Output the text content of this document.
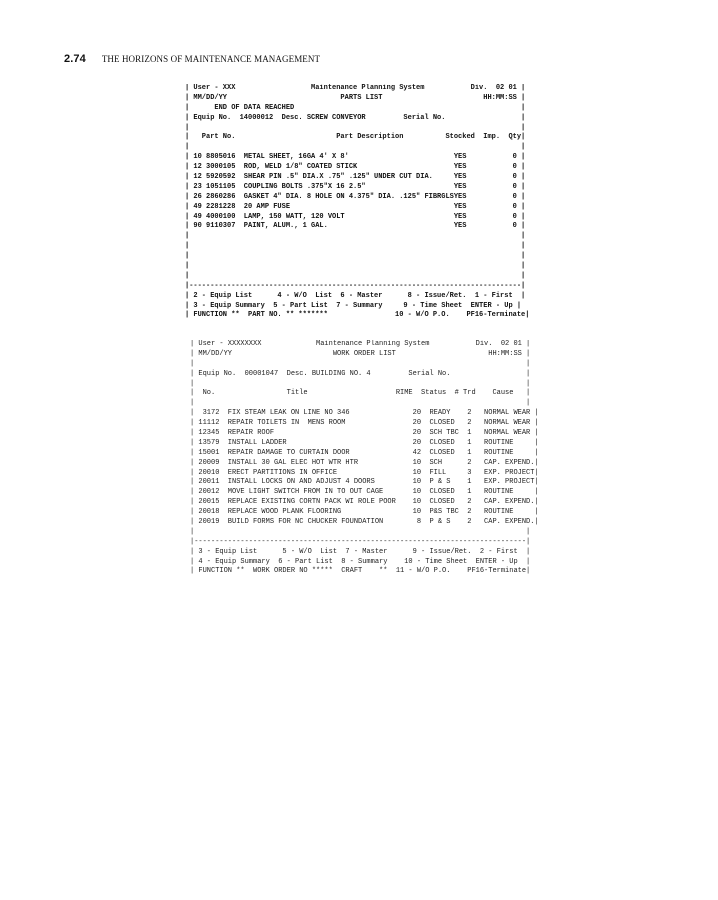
2.74 THE HORIZONS OF MAINTENANCE MANAGEMENT
| User - XXX                  Maintenance Planning System           Div.  02 01 |
| MM/DD/YY                           PARTS LIST                        HH:MM:SS |
|      END OF DATA REACHED                                                      |
| Equip No.  14000012  Desc. SCREW CONVEYOR         Serial No.                  |
|                                                                               |
|   Part No.                        Part Description          Stocked  Imp.  Qty|
|                                                                               |
| 10 8805016  METAL SHEET, 16GA 4' X 8'                         YES           0 |
| 12 3000105  ROD, WELD 1/8" COATED STICK                       YES           0 |
| 12 5920592  SHEAR PIN .5" DIA.X .75" .125" UNDER CUT DIA.     YES           0 |
| 23 1051105  COUPLING BOLTS .375"X 16 2.5"                     YES           0 |
| 26 2860286  GASKET 4" DIA. 8 HOLE ON 4.375" DIA. .125" FIBRGLSYES           0 |
| 49 2281228  20 AMP FUSE                                       YES           0 |
| 49 4000100  LAMP, 150 WATT, 120 VOLT                          YES           0 |
| 90 9110307  PAINT, ALUM., 1 GAL.                              YES           0 |
|                                                                               |
|                                                                               |
|                                                                               |
|                                                                               |
|                                                                               |
|-------------------------------------------------------------------------------|
| 2 - Equip List      4 - W/O  List  6 - Master      8 - Issue/Ret.  1 - First  |
| 3 - Equip Summary  5 - Part List  7 - Summary     9 - Time Sheet  ENTER - Up |
| FUNCTION **  PART NO. ** *******                10 - W/O P.O.    PF16-Terminate|
| User - XXXXXXXX             Maintenance Planning System           Div.  02 01 |
| MM/DD/YY                        WORK ORDER LIST                      HH:MM:SS |
|                                                                               |
| Equip No.  00001047  Desc. BUILDING NO. 4         Serial No.                  |
|                                                                               |
|  No.                 Title                     RIME  Status  # Trd    Cause   |
|                                                                               |
|  3172  FIX STEAM LEAK ON LINE NO 346               20  READY    2   NORMAL WEAR |
| 11112  REPAIR TOILETS IN  MENS ROOM                20  CLOSED   2   NORMAL WEAR |
| 12345  REPAIR ROOF                                 20  SCH TBC  1   NORMAL WEAR |
| 13579  INSTALL LADDER                              20  CLOSED   1   ROUTINE     |
| 15001  REPAIR DAMAGE TO CURTAIN DOOR               42  CLOSED   1   ROUTINE     |
| 20009  INSTALL 30 GAL ELEC HOT WTR HTR             10  SCH      2   CAP. EXPEND.|
| 20010  ERECT PARTITIONS IN OFFICE                  10  FILL     3   EXP. PROJECT|
| 20011  INSTALL LOCKS ON AND ADJUST 4 DOORS         10  P & S    1   EXP. PROJECT|
| 20012  MOVE LIGHT SWITCH FROM IN TO OUT CAGE       10  CLOSED   1   ROUTINE     |
| 20015  REPLACE EXISTING CORTN PACK WI ROLE POOR    10  CLOSED   2   CAP. EXPEND.|
| 20018  REPLACE WOOD PLANK FLOORING                 10  P&S TBC  2   ROUTINE     |
| 20019  BUILD FORMS FOR NC CHUCKER FOUNDATION        8  P & S    2   CAP. EXPEND.|
|                                                                               |
|-------------------------------------------------------------------------------|
| 3 - Equip List      5 - W/O  List  7 - Master      9 - Issue/Ret.  2 - First  |
| 4 - Equip Summary  6 - Part List  8 - Summary    10 - Time Sheet  ENTER - Up  |
| FUNCTION **  WORK ORDER NO *****  CRAFT    **  11 - W/O P.O.    PF16-Terminate|
